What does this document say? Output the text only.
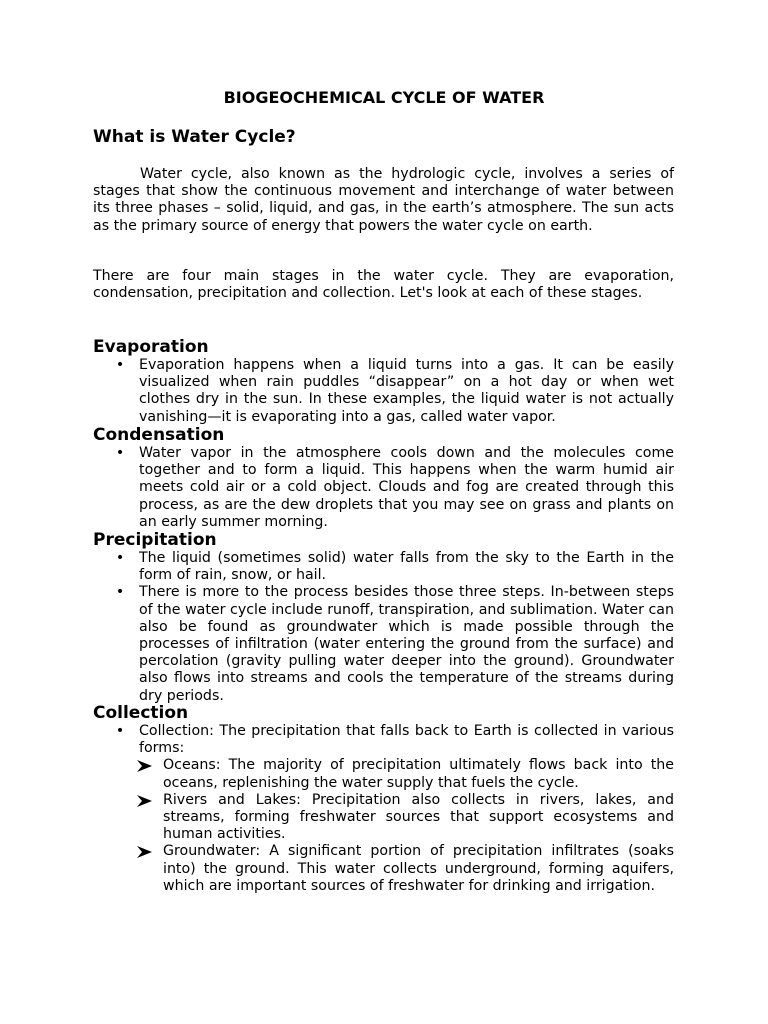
BIOGEOCHEMICAL CYCLE OF WATER
What is Water Cycle?

Water cycle, also known as the hydrologic cycle, involves a series of stages that show the continuous movement and interchange of water between its three phases – solid, liquid, and gas, in the earth’s atmosphere. The sun acts as the primary source of energy that powers the water cycle on earth.

There are four main stages in the water cycle. They are evaporation, condensation, precipitation and collection. Let's look at each of these stages.

Evaporation
• Evaporation happens when a liquid turns into a gas. It can be easily visualized when rain puddles “disappear” on a hot day or when wet clothes dry in the sun. In these examples, the liquid water is not actually vanishing—it is evaporating into a gas, called water vapor.
Condensation
• Water vapor in the atmosphere cools down and the molecules come together and to form a liquid. This happens when the warm humid air meets cold air or a cold object. Clouds and fog are created through this process, as are the dew droplets that you may see on grass and plants on an early summer morning.
Precipitation
• The liquid (sometimes solid) water falls from the sky to the Earth in the form of rain, snow, or hail.
• There is more to the process besides those three steps. In-between steps of the water cycle include runoff, transpiration, and sublimation. Water can also be found as groundwater which is made possible through the processes of infiltration (water entering the ground from the surface) and percolation (gravity pulling water deeper into the ground). Groundwater also flows into streams and cools the temperature of the streams during dry periods.
Collection
• Collection: The precipitation that falls back to Earth is collected in various forms:
Oceans: The majority of precipitation ultimately flows back into the oceans, replenishing the water supply that fuels the cycle.
Rivers and Lakes: Precipitation also collects in rivers, lakes, and streams, forming freshwater sources that support ecosystems and human activities.
Groundwater: A significant portion of precipitation infiltrates (soaks into) the ground. This water collects underground, forming aquifers, which are important sources of freshwater for drinking and irrigation.
